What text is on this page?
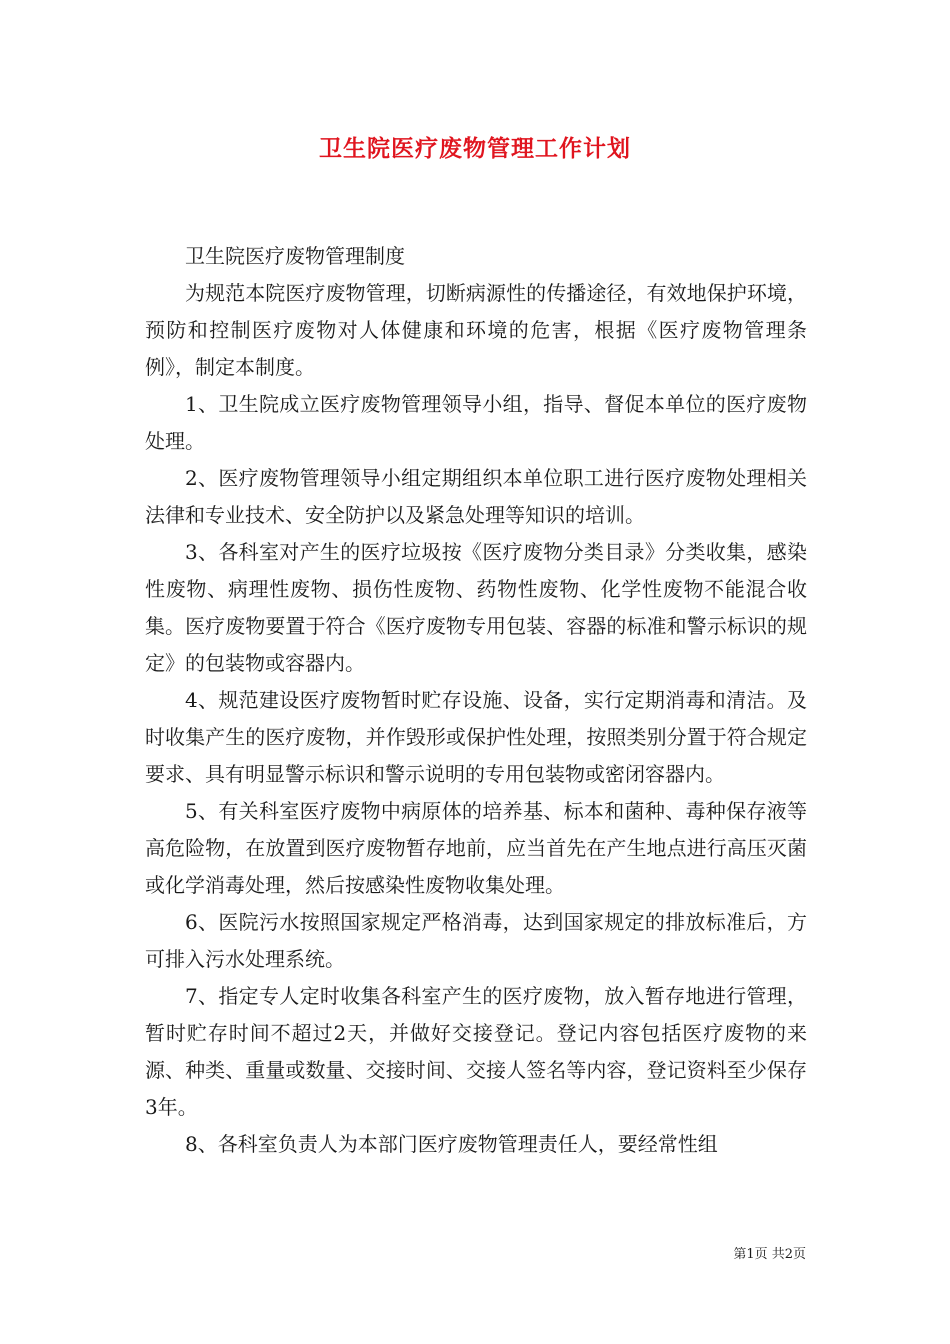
卫生院医疗废物管理工作计划

卫生院医疗废物管理制度

为规范本院医疗废物管理，切断病源性的传播途径，有效地保护环境，预防和控制医疗废物对人体健康和环境的危害，根据《医疗废物管理条例》，制定本制度。

1、卫生院成立医疗废物管理领导小组，指导、督促本单位的医疗废物处理。

2、医疗废物管理领导小组定期组织本单位职工进行医疗废物处理相关法律和专业技术、安全防护以及紧急处理等知识的培训。

3、各科室对产生的医疗垃圾按《医疗废物分类目录》分类收集，感染性废物、病理性废物、损伤性废物、药物性废物、化学性废物不能混合收集。医疗废物要置于符合《医疗废物专用包装、容器的标准和警示标识的规定》的包装物或容器内。

4、规范建设医疗废物暂时贮存设施、设备，实行定期消毒和清洁。及时收集产生的医疗废物，并作毁形或保护性处理，按照类别分置于符合规定要求、具有明显警示标识和警示说明的专用包装物或密闭容器内。

5、有关科室医疗废物中病原体的培养基、标本和菌种、毒种保存液等高危险物，在放置到医疗废物暂存地前，应当首先在产生地点进行高压灭菌或化学消毒处理，然后按感染性废物收集处理。

6、医院污水按照国家规定严格消毒，达到国家规定的排放标准后，方可排入污水处理系统。

7、指定专人定时收集各科室产生的医疗废物，放入暂存地进行管理，暂时贮存时间不超过2天，并做好交接登记。登记内容包括医疗废物的来源、种类、重量或数量、交接时间、交接人签名等内容，登记资料至少保存3年。

8、各科室负责人为本部门医疗废物管理责任人，要经常性组

第1页 共2页
